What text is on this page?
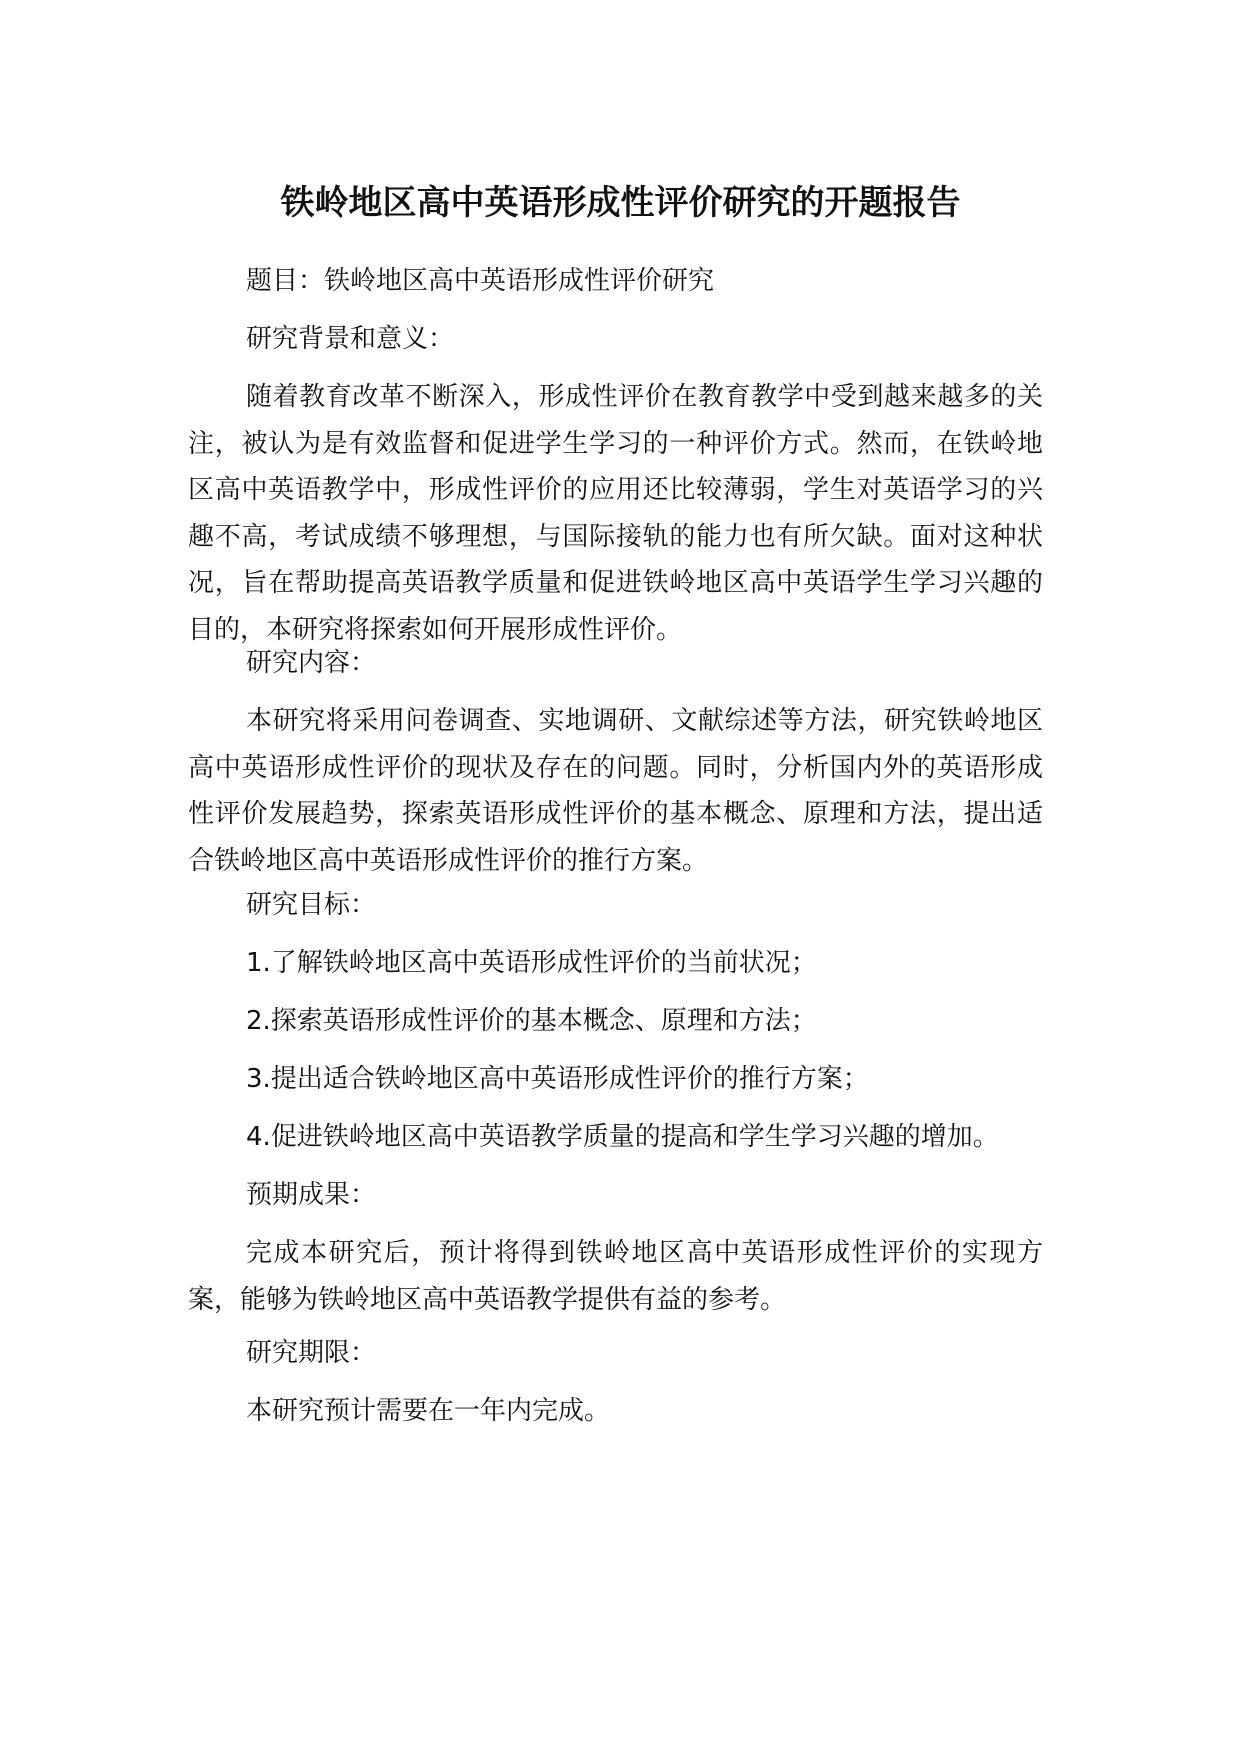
铁岭地区高中英语形成性评价研究的开题报告

题目：铁岭地区高中英语形成性评价研究

研究背景和意义：

随着教育改革不断深入，形成性评价在教育教学中受到越来越多的关注，被认为是有效监督和促进学生学习的一种评价方式。然而，在铁岭地区高中英语教学中，形成性评价的应用还比较薄弱，学生对英语学习的兴趣不高，考试成绩不够理想，与国际接轨的能力也有所欠缺。面对这种状况，旨在帮助提高英语教学质量和促进铁岭地区高中英语学生学习兴趣的目的，本研究将探索如何开展形成性评价。

研究内容：

本研究将采用问卷调查、实地调研、文献综述等方法，研究铁岭地区高中英语形成性评价的现状及存在的问题。同时，分析国内外的英语形成性评价发展趋势，探索英语形成性评价的基本概念、原理和方法，提出适合铁岭地区高中英语形成性评价的推行方案。

研究目标：

1.了解铁岭地区高中英语形成性评价的当前状况；

2.探索英语形成性评价的基本概念、原理和方法；

3.提出适合铁岭地区高中英语形成性评价的推行方案；

4.促进铁岭地区高中英语教学质量的提高和学生学习兴趣的增加。

预期成果：

完成本研究后，预计将得到铁岭地区高中英语形成性评价的实现方案，能够为铁岭地区高中英语教学提供有益的参考。

研究期限：

本研究预计需要在一年内完成。
